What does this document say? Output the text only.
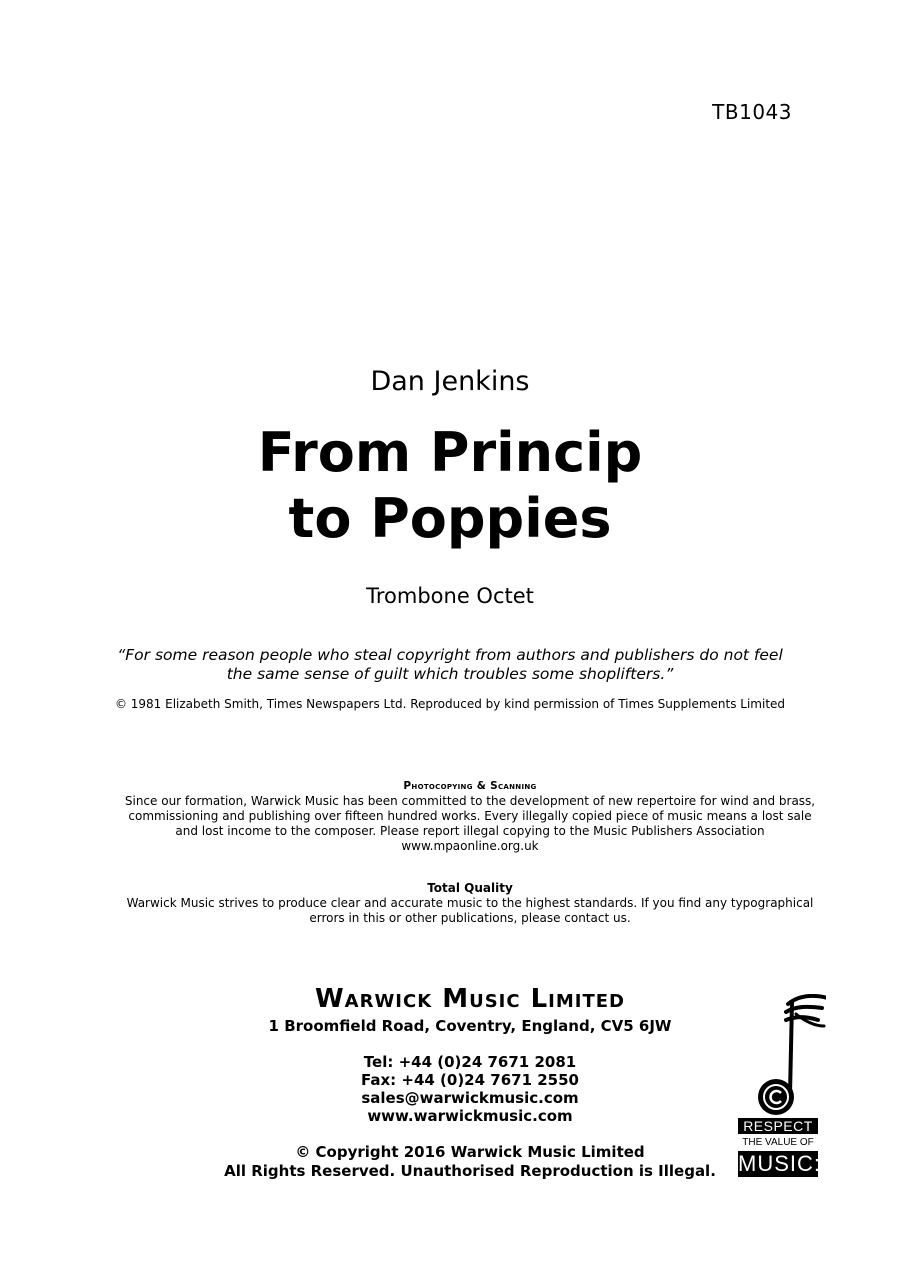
TB1043
Dan Jenkins
From Princip
to Poppies
Trombone Octet
“For some reason people who steal copyright from authors and publishers do not feel
the same sense of guilt which troubles some shoplifters.”
© 1981 Elizabeth Smith, Times Newspapers Ltd. Reproduced by kind permission of Times Supplements Limited
Photocopying & Scanning
Since our formation, Warwick Music has been committed to the development of new repertoire for wind and brass, commissioning and publishing over fifteen hundred works. Every illegally copied piece of music means a lost sale and lost income to the composer. Please report illegal copying to the Music Publishers Association www.mpaonline.org.uk
Total Quality
Warwick Music strives to produce clear and accurate music to the highest standards. If you find any typographical errors in this or other publications, please contact us.
Warwick Music Limited
1 Broomfield Road, Coventry, England, CV5 6JW
Tel: +44 (0)24 7671 2081
Fax: +44 (0)24 7671 2550
sales@warwickmusic.com
www.warwickmusic.com
© Copyright 2016 Warwick Music Limited
All Rights Reserved. Unauthorised Reproduction is Illegal.
RESPECT
THE VALUE OF
MUSIC:
